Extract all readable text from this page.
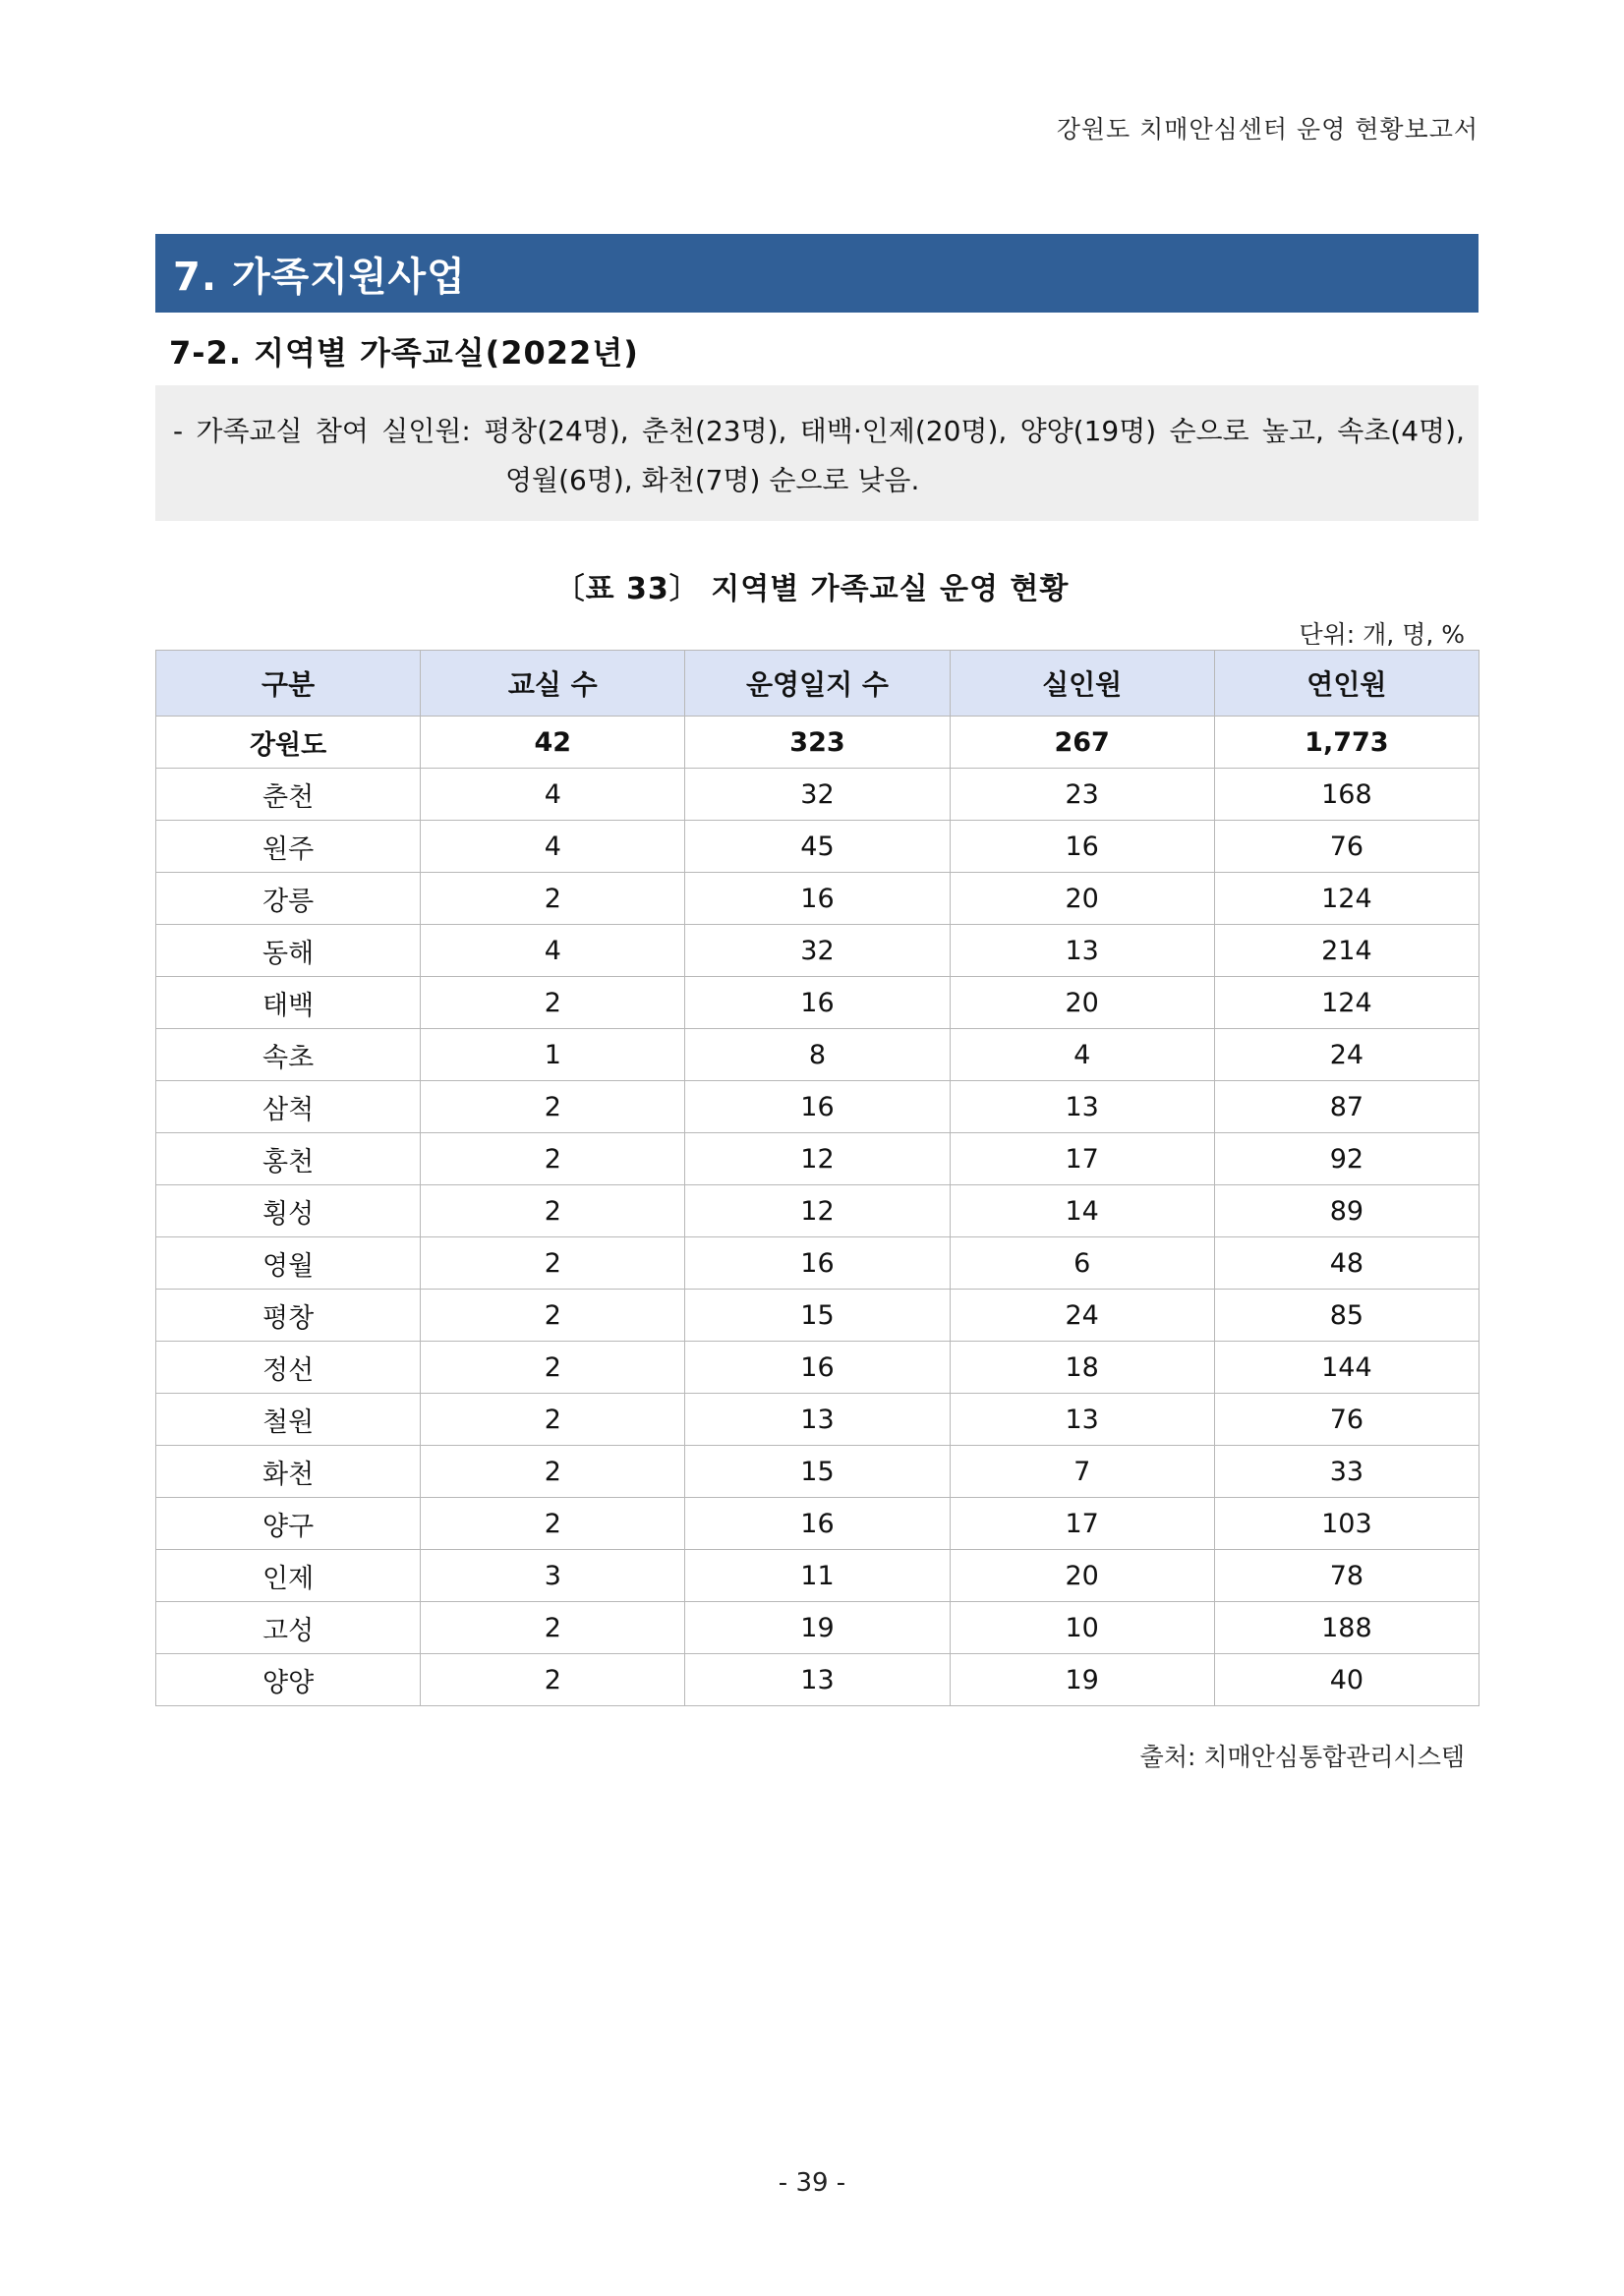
강원도 치매안심센터 운영 현황보고서
7. 가족지원사업
7-2. 지역별 가족교실(2022년)
- 가족교실 참여 실인원: 평창(24명), 춘천(23명), 태백·인제(20명), 양양(19명) 순으로 높고, 속초(4명),
영월(6명), 화천(7명) 순으로 낮음.
〔표 33〕 지역별 가족교실 운영 현황
단위: 개, 명, %
구분	교실 수	운영일지 수	실인원	연인원
강원도	42	323	267	1,773
춘천	4	32	23	168
원주	4	45	16	76
강릉	2	16	20	124
동해	4	32	13	214
태백	2	16	20	124
속초	1	8	4	24
삼척	2	16	13	87
홍천	2	12	17	92
횡성	2	12	14	89
영월	2	16	6	48
평창	2	15	24	85
정선	2	16	18	144
철원	2	13	13	76
화천	2	15	7	33
양구	2	16	17	103
인제	3	11	20	78
고성	2	19	10	188
양양	2	13	19	40
출처: 치매안심통합관리시스템
- 39 -
